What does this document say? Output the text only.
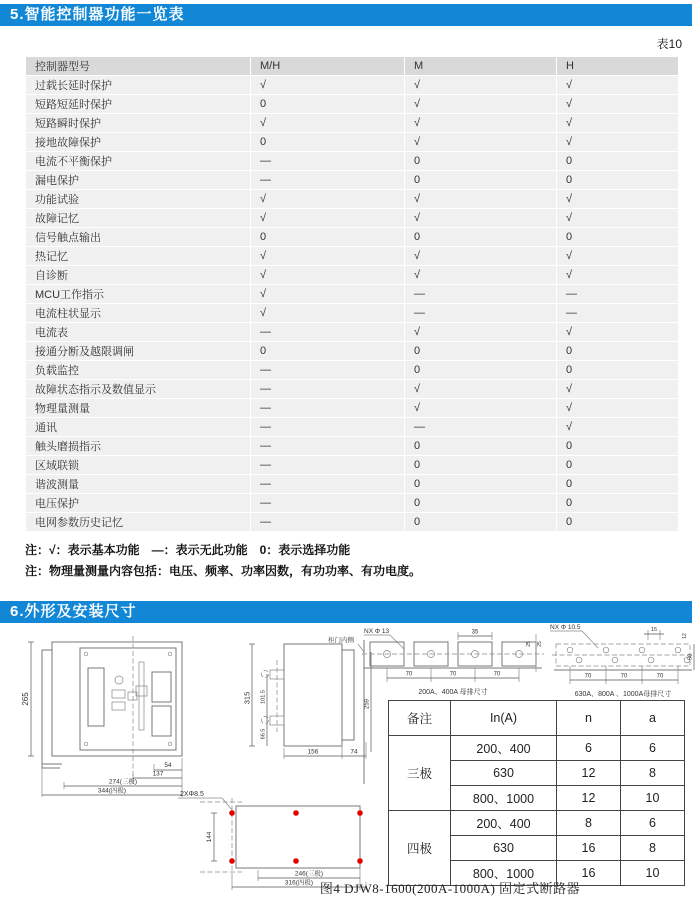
5.智能控制器功能一览表
表10
控制器型号	M/H	M	H
过载长延时保护	√	√	√
短路短延时保护	0	√	√
短路瞬时保护	√	√	√
接地故障保护	0	√	√
电流不平衡保护	—	0	0
漏电保护	—	0	0
功能试验	√	√	√
故障记忆	√	√	√
信号触点输出	0	0	0
热记忆	√	√	√
自诊断	√	√	√
MCU工作指示	√	—	—
电流柱状显示	√	—	—
电流表	—	√	√
接通分断及越限调闸	0	0	0
负载监控	—	0	0
故障状态指示及数值显示	—	√	√
物理量测量	—	√	√
通讯	—	—	√
触头磨损指示	—	0	0
区域联锁	—	0	0
谐波测量	—	0	0
电压保护	—	0	0
电网参数历史记忆	—	0	0
注：√：表示基本功能　—：表示无此功能　0：表示选择功能
注：物理量测量内容包括：电压、频率、功率因数，有功功率、有功电度。
6.外形及安装尺寸
265
54
137
274(三极)
344(四极)
柜门内侧
315 101.5
66.5
259
156	74
NX Φ 13	35
25 25
70	70	70
200A、400A 母排尺寸
NX Φ 10.5	15
12
50
70	70	70
630A、800A 、1000A母排尺寸
2XΦ8.5
144
246(三极)
316(四极)
备注	In(A)	n	a
三极	200、400	6	6
	630	12	8
	800、1000	12	10
四极	200、400	8	6
	630	16	8
	800、1000	16	10
图4 DJW8-1600(200A-1000A) 固定式断路器
